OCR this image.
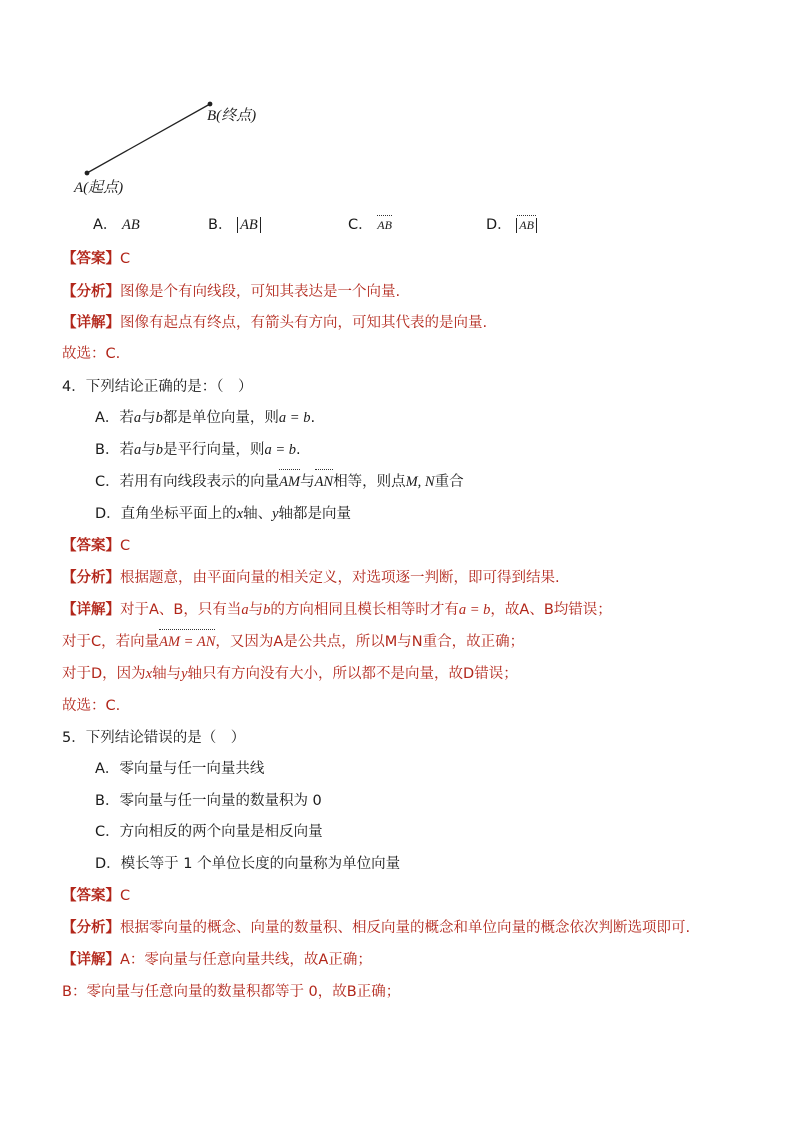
B(终点)
A(起点)
A． AB	B． AB	C． AB	D． AB
【答案】C
【分析】图像是个有向线段，可知其表达是一个向量.
【详解】图像有起点有终点，有箭头有方向，可知其代表的是向量.
故选：C.
4．下列结论正确的是：（　）
A．若a与b都是单位向量，则a = b.
B．若a与b是平行向量，则a = b.
C．若用有向线段表示的向量AM与AN相等，则点M, N重合
D．直角坐标平面上的x轴、y轴都是向量
【答案】C
【分析】根据题意，由平面向量的相关定义，对选项逐一判断，即可得到结果.
【详解】对于A、B，只有当a与b的方向相同且模长相等时才有a = b，故A、B均错误；
对于C，若向量AM = AN，又因为A是公共点，所以M与N重合，故正确；
对于D，因为x轴与y轴只有方向没有大小，所以都不是向量，故D错误；
故选：C.
5．下列结论错误的是（　）
A．零向量与任一向量共线
B．零向量与任一向量的数量积为 0
C．方向相反的两个向量是相反向量
D．模长等于 1 个单位长度的向量称为单位向量
【答案】C
【分析】根据零向量的概念、向量的数量积、相反向量的概念和单位向量的概念依次判断选项即可.
【详解】A：零向量与任意向量共线，故A正确；
B：零向量与任意向量的数量积都等于 0，故B正确；
